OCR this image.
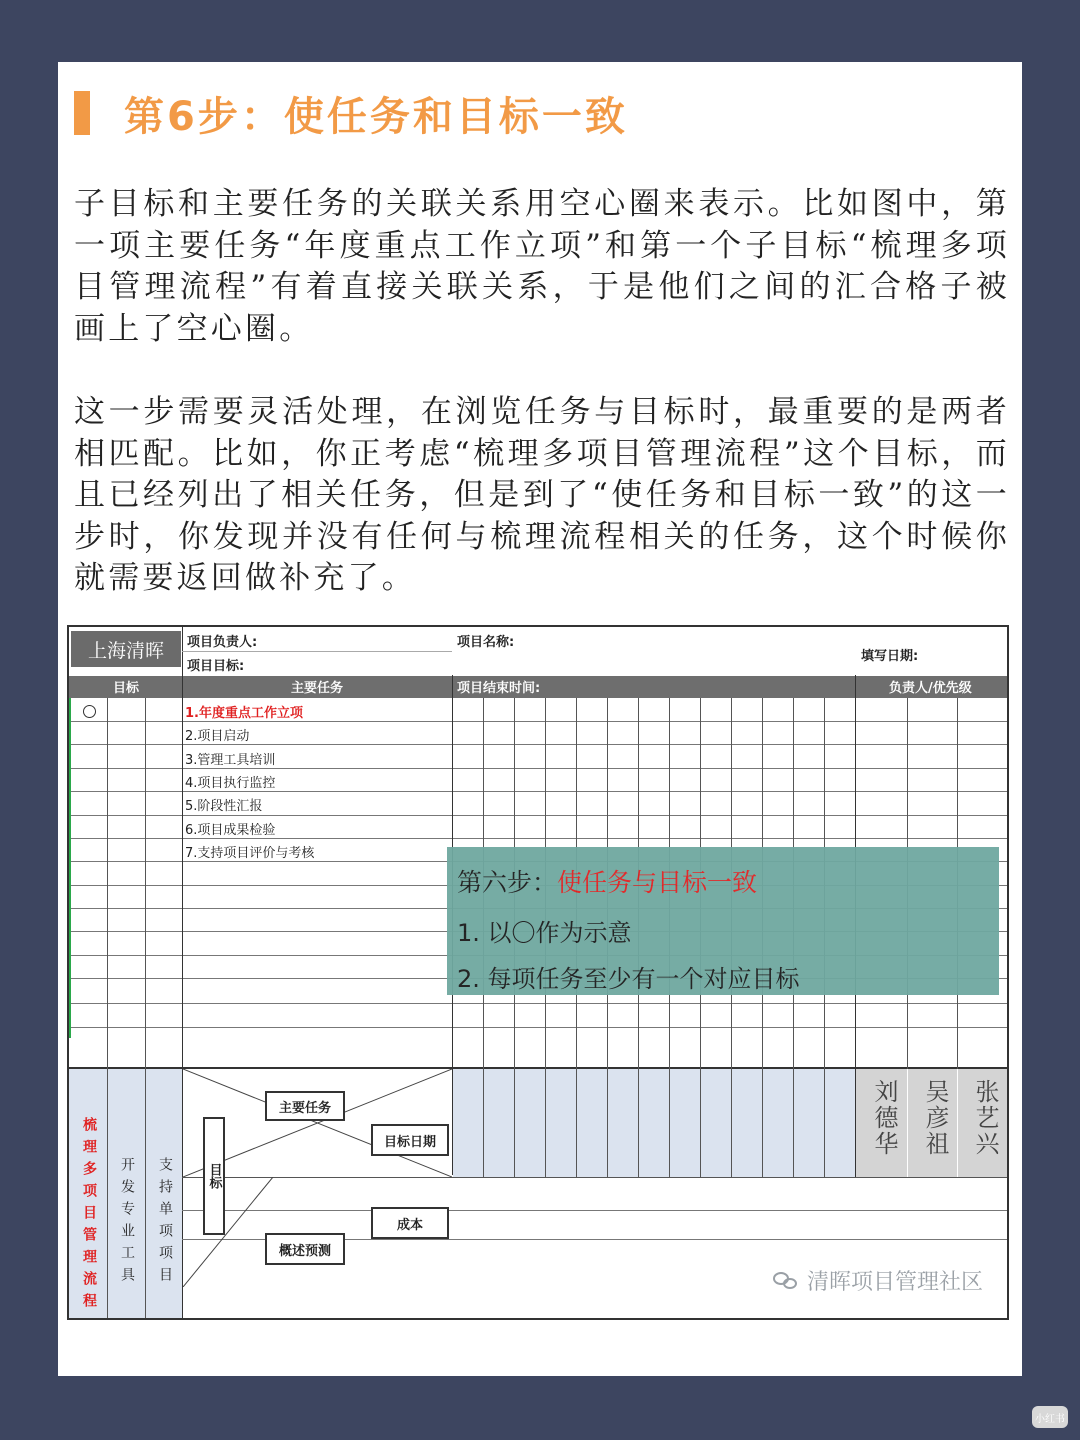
第6步：使任务和目标一致

子目标和主要任务的关联关系用空心圈来表示。比如图中，第一项主要任务“年度重点工作立项”和第一个子目标“梳理多项目管理流程”有着直接关联关系，于是他们之间的汇合格子被画上了空心圈。

这一步需要灵活处理，在浏览任务与目标时，最重要的是两者相匹配。比如，你正考虑“梳理多项目管理流程”这个目标，而且已经列出了相关任务，但是到了“使任务和目标一致”的这一步时，你发现并没有任何与梳理流程相关的任务，这个时候你就需要返回做补充了。

上海清晖	项目负责人:
项目目标:
项目名称:
填写日期:
目标	主要任务	项目结束时间:	负责人/优先级
1.年度重点工作立项
2.项目启动
3.管理工具培训
4.项目执行监控
5.阶段性汇报
6.项目成果检验
7.支持项目评价与考核
梳理多项目管理流程 开发专业工具 支持单项项目
主要任务
目标
目标日期
成本
概述预测
刘德华 吴彦祖 张艺兴
第六步：使任务与目标一致
1. 以〇作为示意
2. 每项任务至少有一个对应目标
清晖项目管理社区
小红书
